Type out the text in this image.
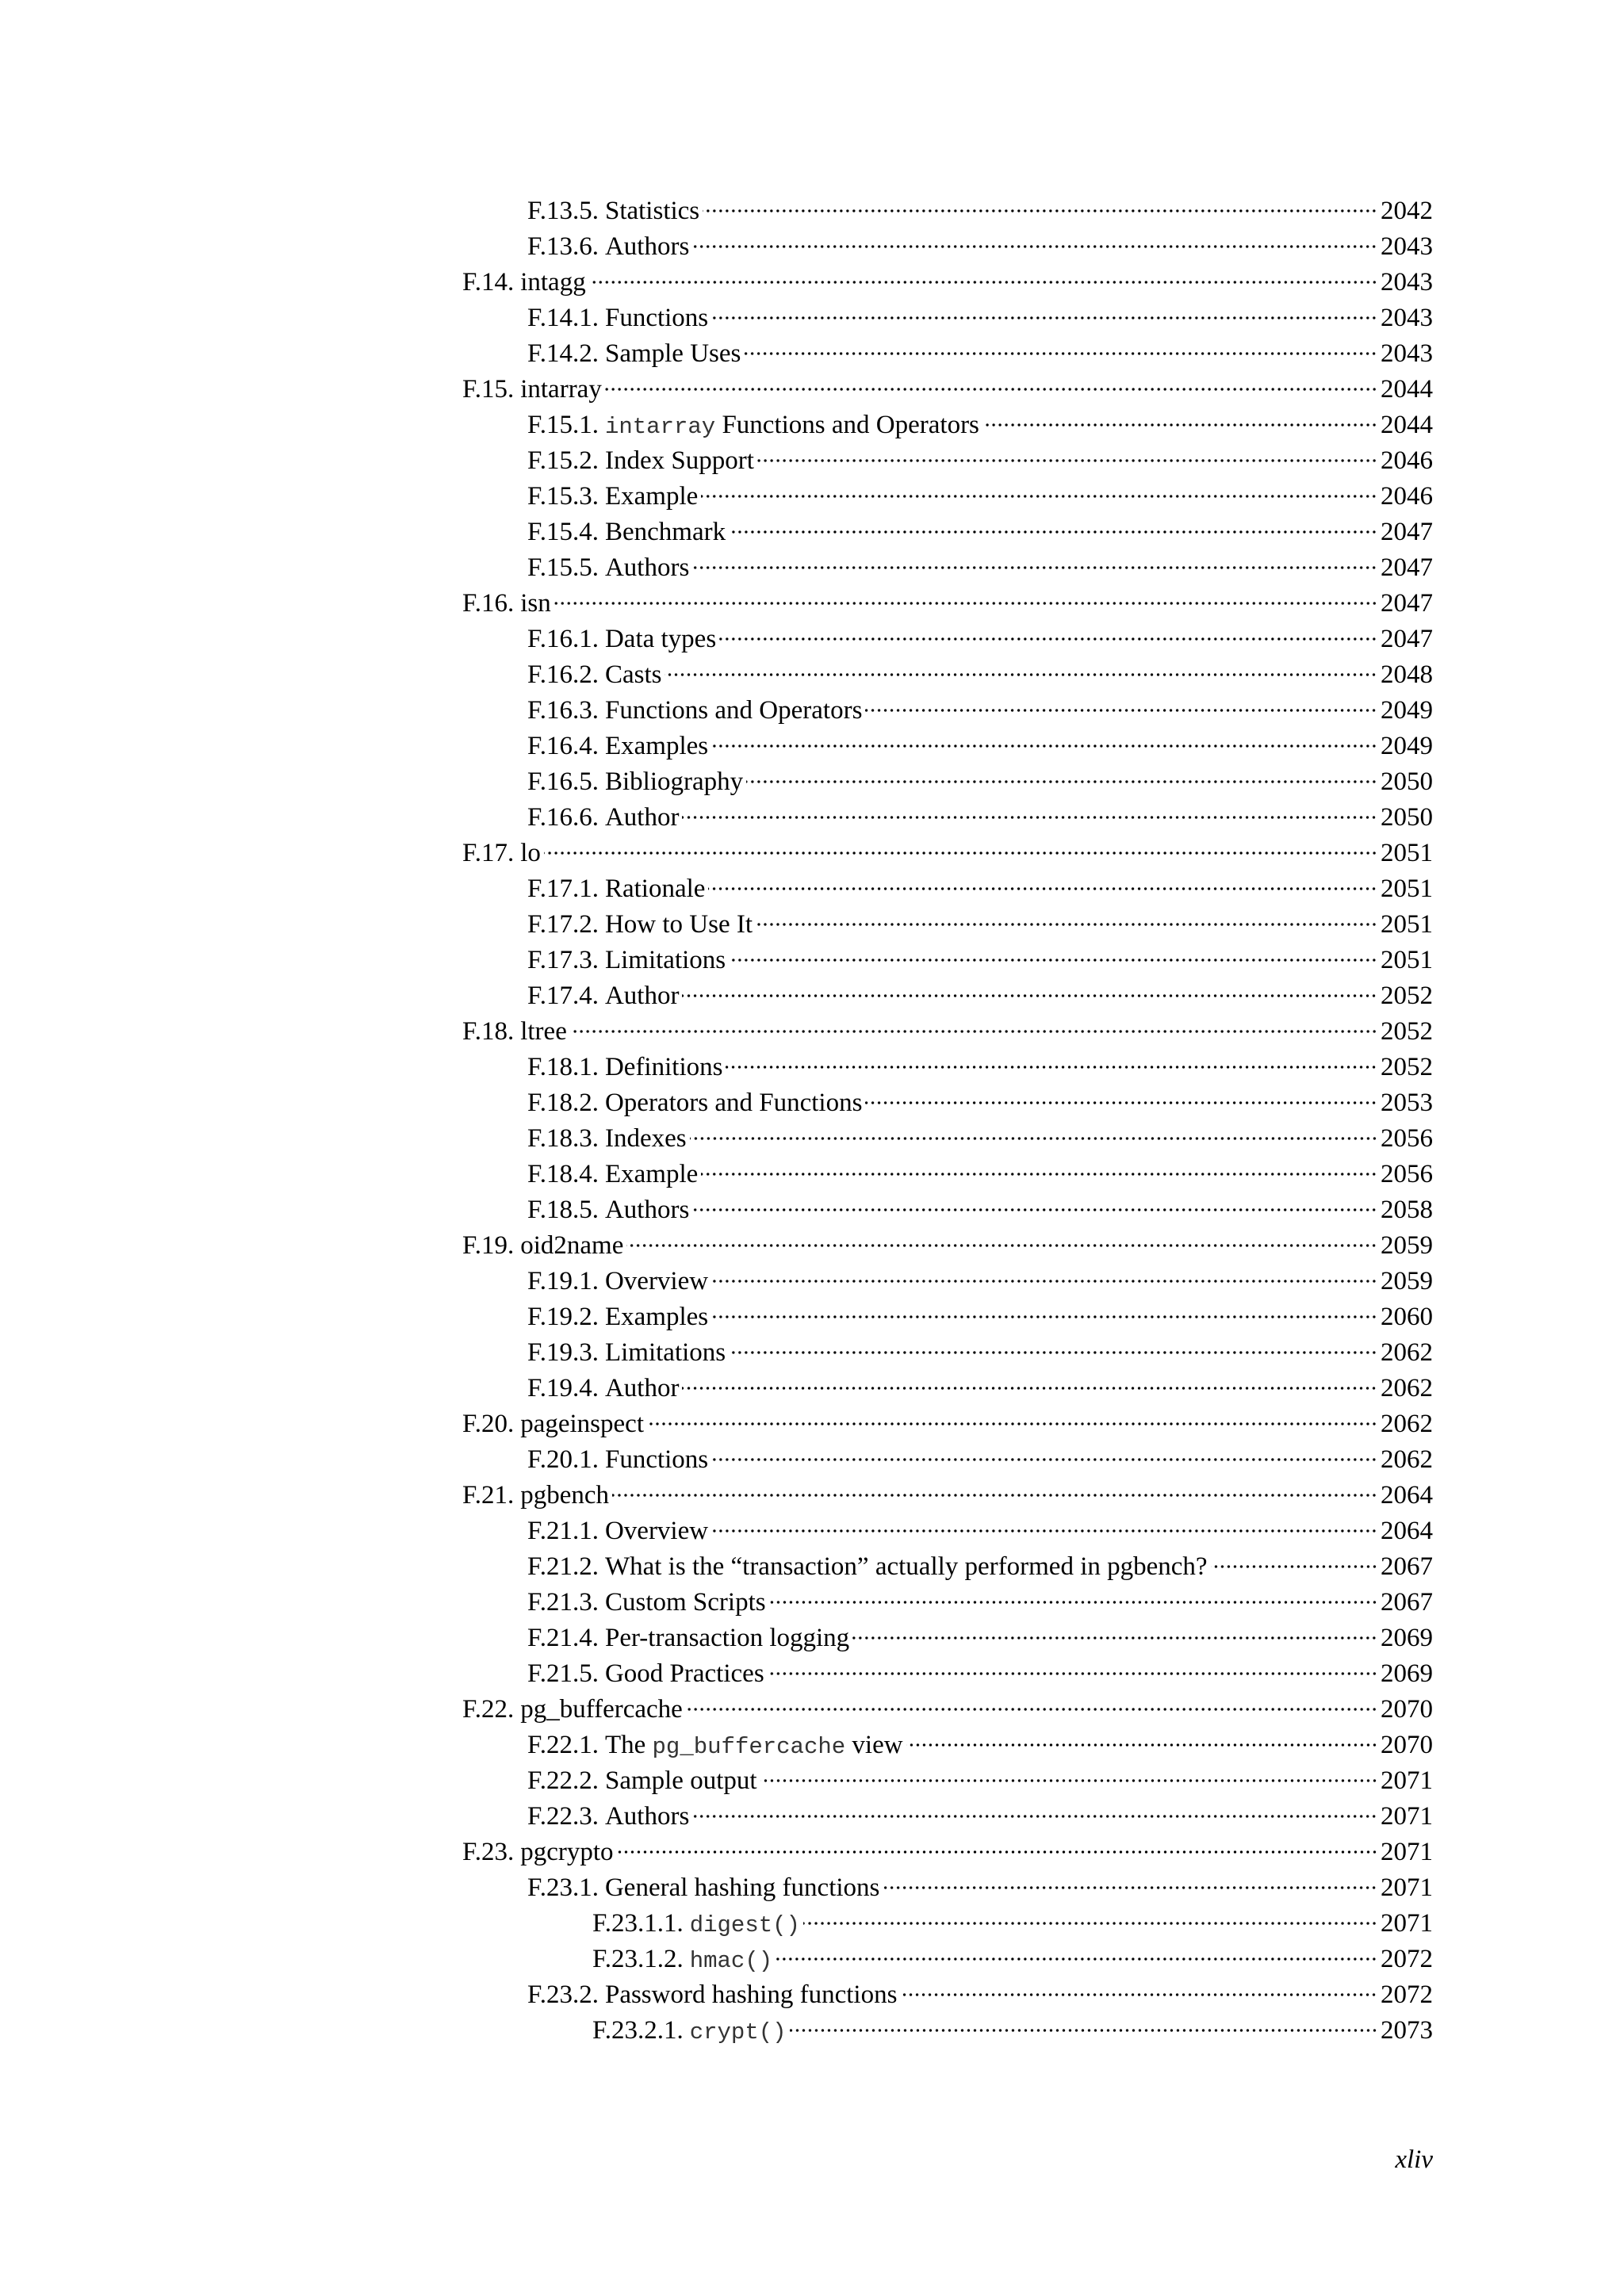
F.13.5. Statistics	2042
F.13.6. Authors	2043
F.14. intagg	2043
F.14.1. Functions	2043
F.14.2. Sample Uses	2043
F.15. intarray	2044
F.15.1. intarray Functions and Operators	2044
F.15.2. Index Support	2046
F.15.3. Example	2046
F.15.4. Benchmark	2047
F.15.5. Authors	2047
F.16. isn	2047
F.16.1. Data types	2047
F.16.2. Casts	2048
F.16.3. Functions and Operators	2049
F.16.4. Examples	2049
F.16.5. Bibliography	2050
F.16.6. Author	2050
F.17. lo	2051
F.17.1. Rationale	2051
F.17.2. How to Use It	2051
F.17.3. Limitations	2051
F.17.4. Author	2052
F.18. ltree	2052
F.18.1. Definitions	2052
F.18.2. Operators and Functions	2053
F.18.3. Indexes	2056
F.18.4. Example	2056
F.18.5. Authors	2058
F.19. oid2name	2059
F.19.1. Overview	2059
F.19.2. Examples	2060
F.19.3. Limitations	2062
F.19.4. Author	2062
F.20. pageinspect	2062
F.20.1. Functions	2062
F.21. pgbench	2064
F.21.1. Overview	2064
F.21.2. What is the “transaction” actually performed in pgbench?	2067
F.21.3. Custom Scripts	2067
F.21.4. Per-transaction logging	2069
F.21.5. Good Practices	2069
F.22. pg_buffercache	2070
F.22.1. The pg_buffercache view	2070
F.22.2. Sample output	2071
F.22.3. Authors	2071
F.23. pgcrypto	2071
F.23.1. General hashing functions	2071
F.23.1.1. digest()	2071
F.23.1.2. hmac()	2072
F.23.2. Password hashing functions	2072
F.23.2.1. crypt()	2073
xliv
